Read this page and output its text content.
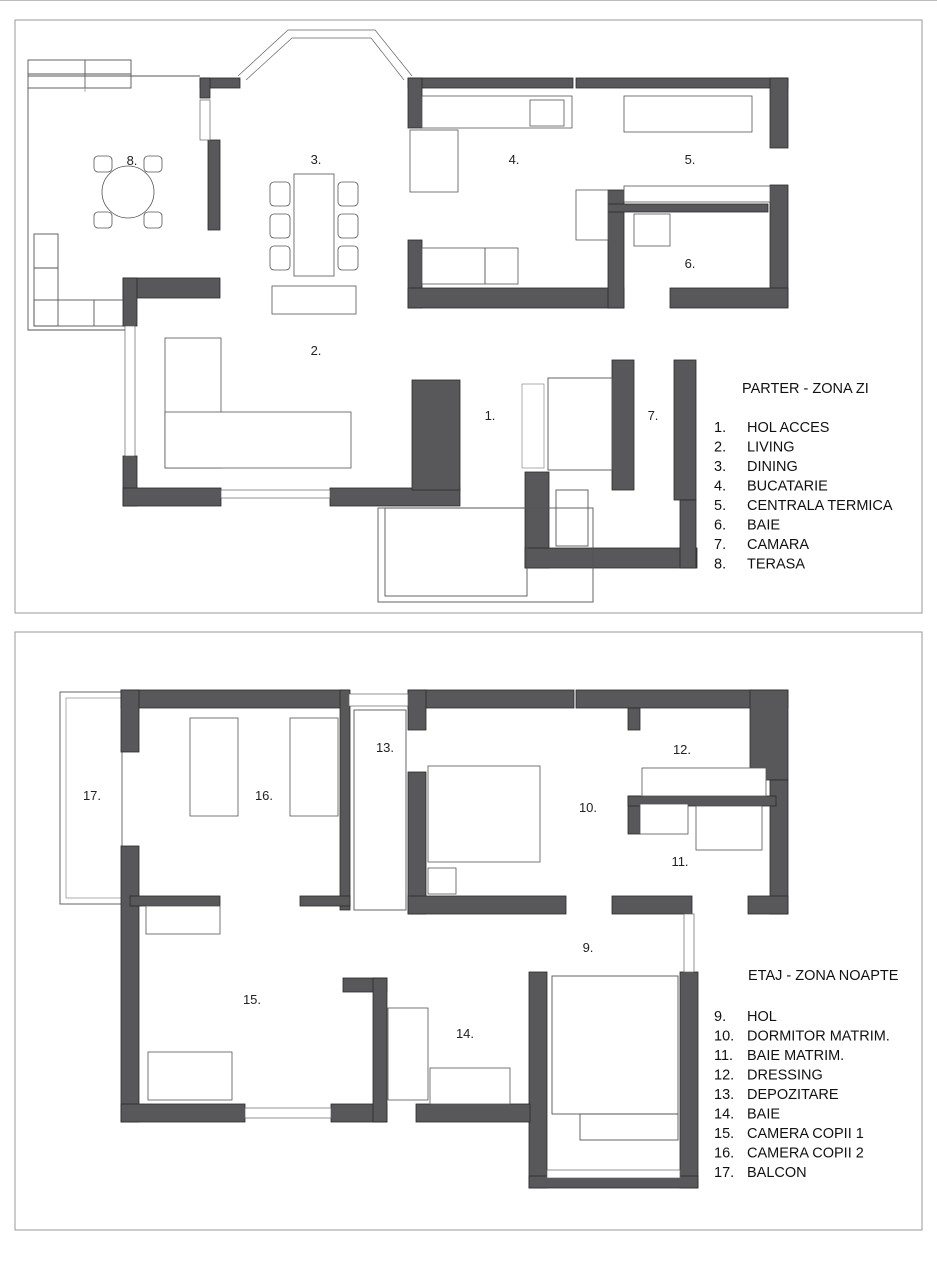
1.
2.
3.	4.	5.
6.
7.
8.
PARTER - ZONA ZI
1. HOL ACCES
2. LIVING
3. DINING
4. BUCATARIE
5. CENTRALA TERMICA
6. BAIE
7. CAMARA
8. TERASA
9.
10.
11.
12.
13.
14.
15.
16.
17.
ETAJ - ZONA NOAPTE
9. HOL
10. DORMITOR MATRIM.
11. BAIE MATRIM.
12. DRESSING
13. DEPOZITARE
14. BAIE
15. CAMERA COPII 1
16. CAMERA COPII 2
17. BALCON
